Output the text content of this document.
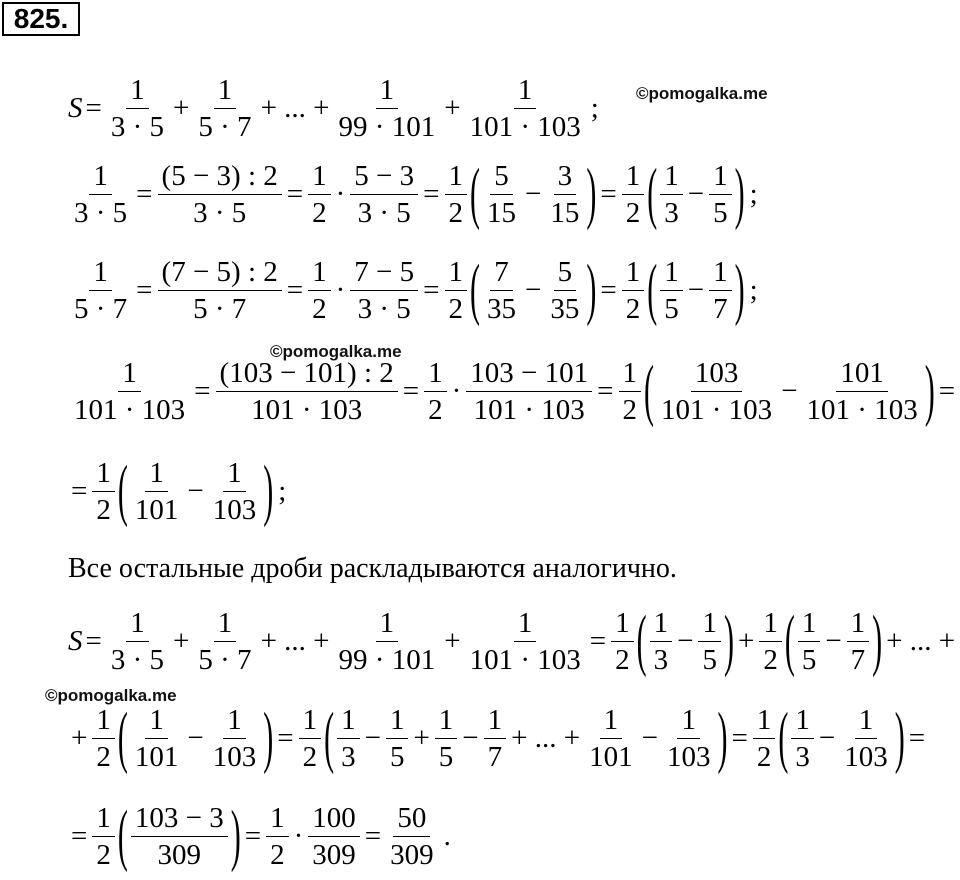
825.
©pomogalka.me
©pomogalka.me
©pomogalka.me
$S = \frac{1}{3 \cdot 5} + \frac{1}{5 \cdot 7}$ + ... + $\frac{1}{99 \cdot 101} + \frac{1}{101 \cdot 103}$ ;
$\frac{1}{3 \cdot 5} = \frac{(5 - 3) : 2}{3 \cdot 5} = \frac{1}{2} \cdot \frac{5 - 3}{3 \cdot 5} = \frac{1}{2}$ ( $\frac{5}{15} - \frac{3}{15}$ ) = $\frac{1}{2}$ ( $\frac{1}{3} - \frac{1}{5}$ ) ;
$\frac{1}{5 \cdot 7} = \frac{(7 - 5) : 2}{5 \cdot 7} = \frac{1}{2} \cdot \frac{7 - 5}{3 \cdot 5} = \frac{1}{2}$ ( $\frac{7}{35} - \frac{5}{35}$ ) = $\frac{1}{2}$ ( $\frac{1}{5} - \frac{1}{7}$ ) ;
$\frac{1}{101 \cdot 103} = \frac{(103 - 101) : 2}{101 \cdot 103} = \frac{1}{2} \cdot \frac{103 - 101}{101 \cdot 103} = \frac{1}{2}$ ( $\frac{103}{101 \cdot 103} - \frac{101}{101 \cdot 103}$ ) =
= $\frac{1}{2}$ ( $\frac{1}{101} - \frac{1}{103}$ ) ;
Все остальные дроби раскладываются аналогично.
$S = \frac{1}{3 \cdot 5} + \frac{1}{5 \cdot 7}$ + ... + $\frac{1}{99 \cdot 101} + \frac{1}{101 \cdot 103} = \frac{1}{2}$ ( $\frac{1}{3} - \frac{1}{5}$ ) + $\frac{1}{2}$ ( $\frac{1}{5} - \frac{1}{7}$ ) + ... +
+ $\frac{1}{2}$ ( $\frac{1}{101} - \frac{1}{103}$ ) = $\frac{1}{2}$ ( $\frac{1}{3} - \frac{1}{5} + \frac{1}{5} - \frac{1}{7}$ + ... + $\frac{1}{101} - \frac{1}{103}$ ) = $\frac{1}{2}$ ( $\frac{1}{3} - \frac{1}{103}$ ) =
= $\frac{1}{2}$ ( $\frac{103 - 3}{309}$ ) = $\frac{1}{2} \cdot \frac{100}{309} = \frac{50}{309}$ .
